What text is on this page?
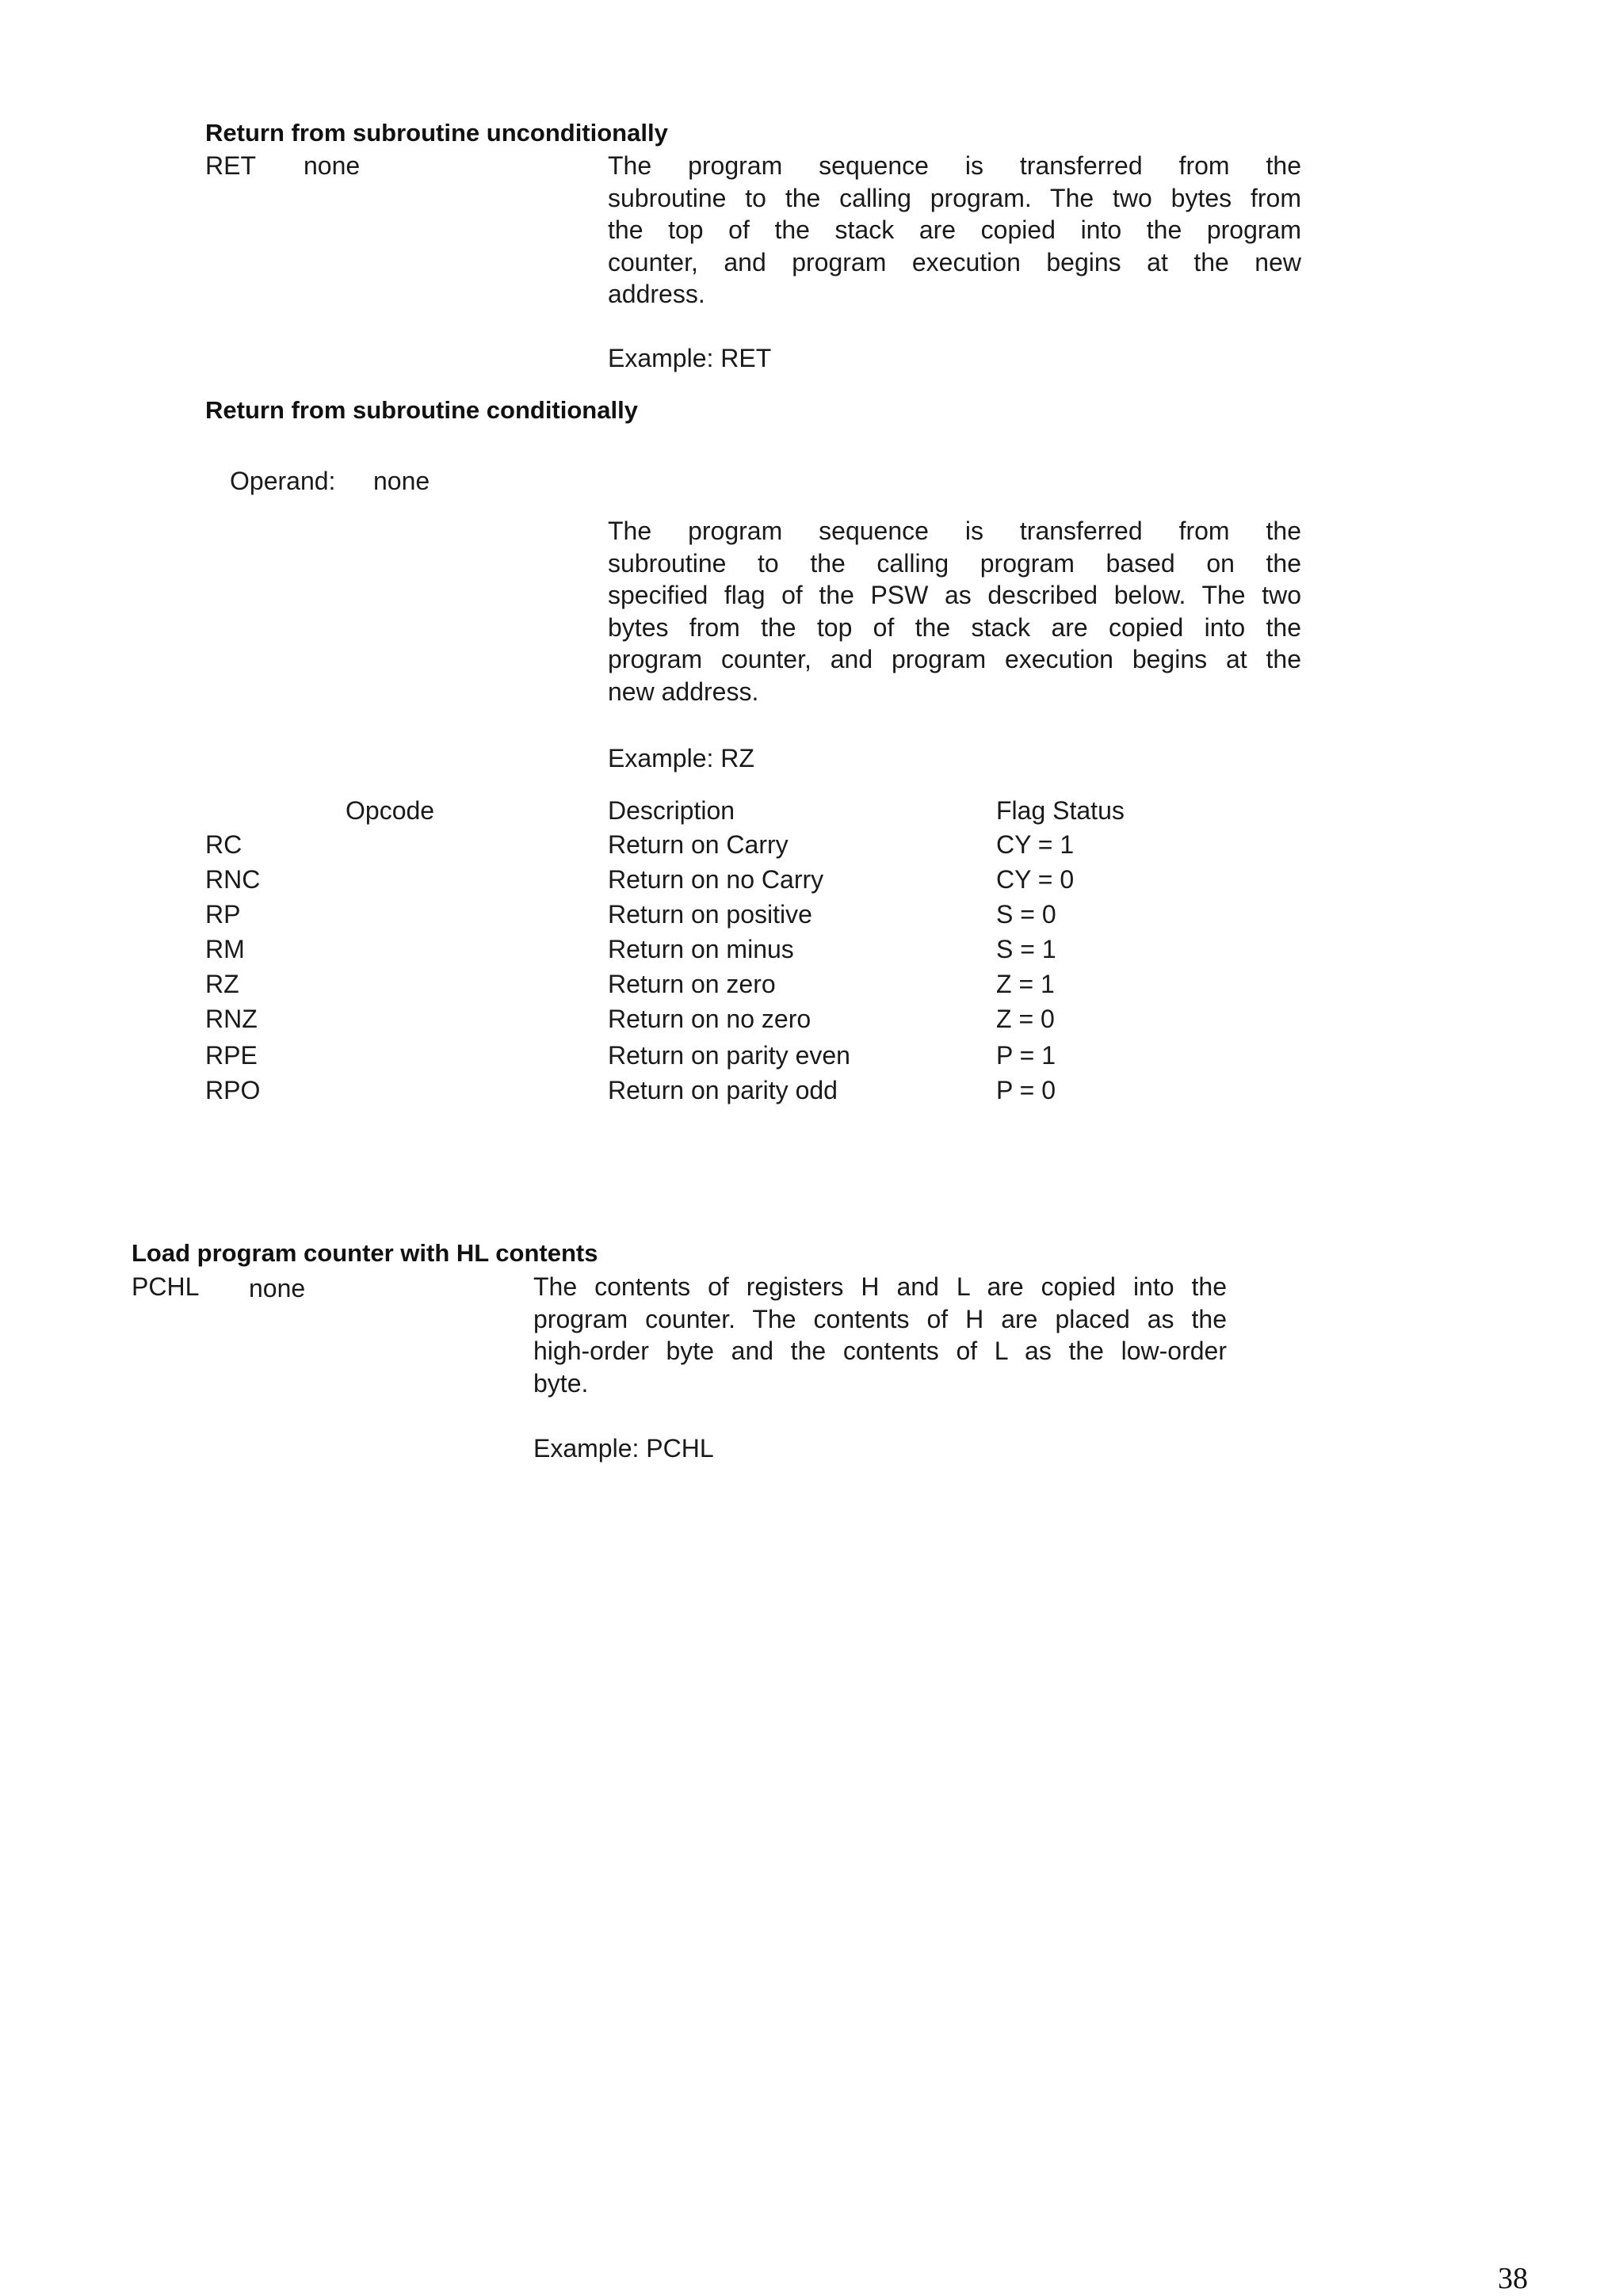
Return from subroutine unconditionally
RET none	The program sequence is transferred from the
subroutine to the calling program. The two bytes from
the top of the stack are copied into the program
counter, and program execution begins at the new
address.
Example: RET
Return from subroutine conditionally
Operand: none
The program sequence is transferred from the
subroutine to the calling program based on the
specified flag of the PSW as described below. The two
bytes from the top of the stack are copied into the
program counter, and program execution begins at the
new address.
Example: RZ
Opcode	Description	Flag Status
RC	Return on Carry	CY = 1
RNC	Return on no Carry	CY = 0
RP	Return on positive	S = 0
RM	Return on minus	S = 1
RZ	Return on zero	Z = 1
RNZ	Return on no zero	Z = 0
RPE	Return on parity even	P = 1
RPO	Return on parity odd	P = 0
Load program counter with HL contents
PCHL none	The contents of registers H and L are copied into the
program counter. The contents of H are placed as the
high-order byte and the contents of L as the low-order
byte.
Example: PCHL
38
